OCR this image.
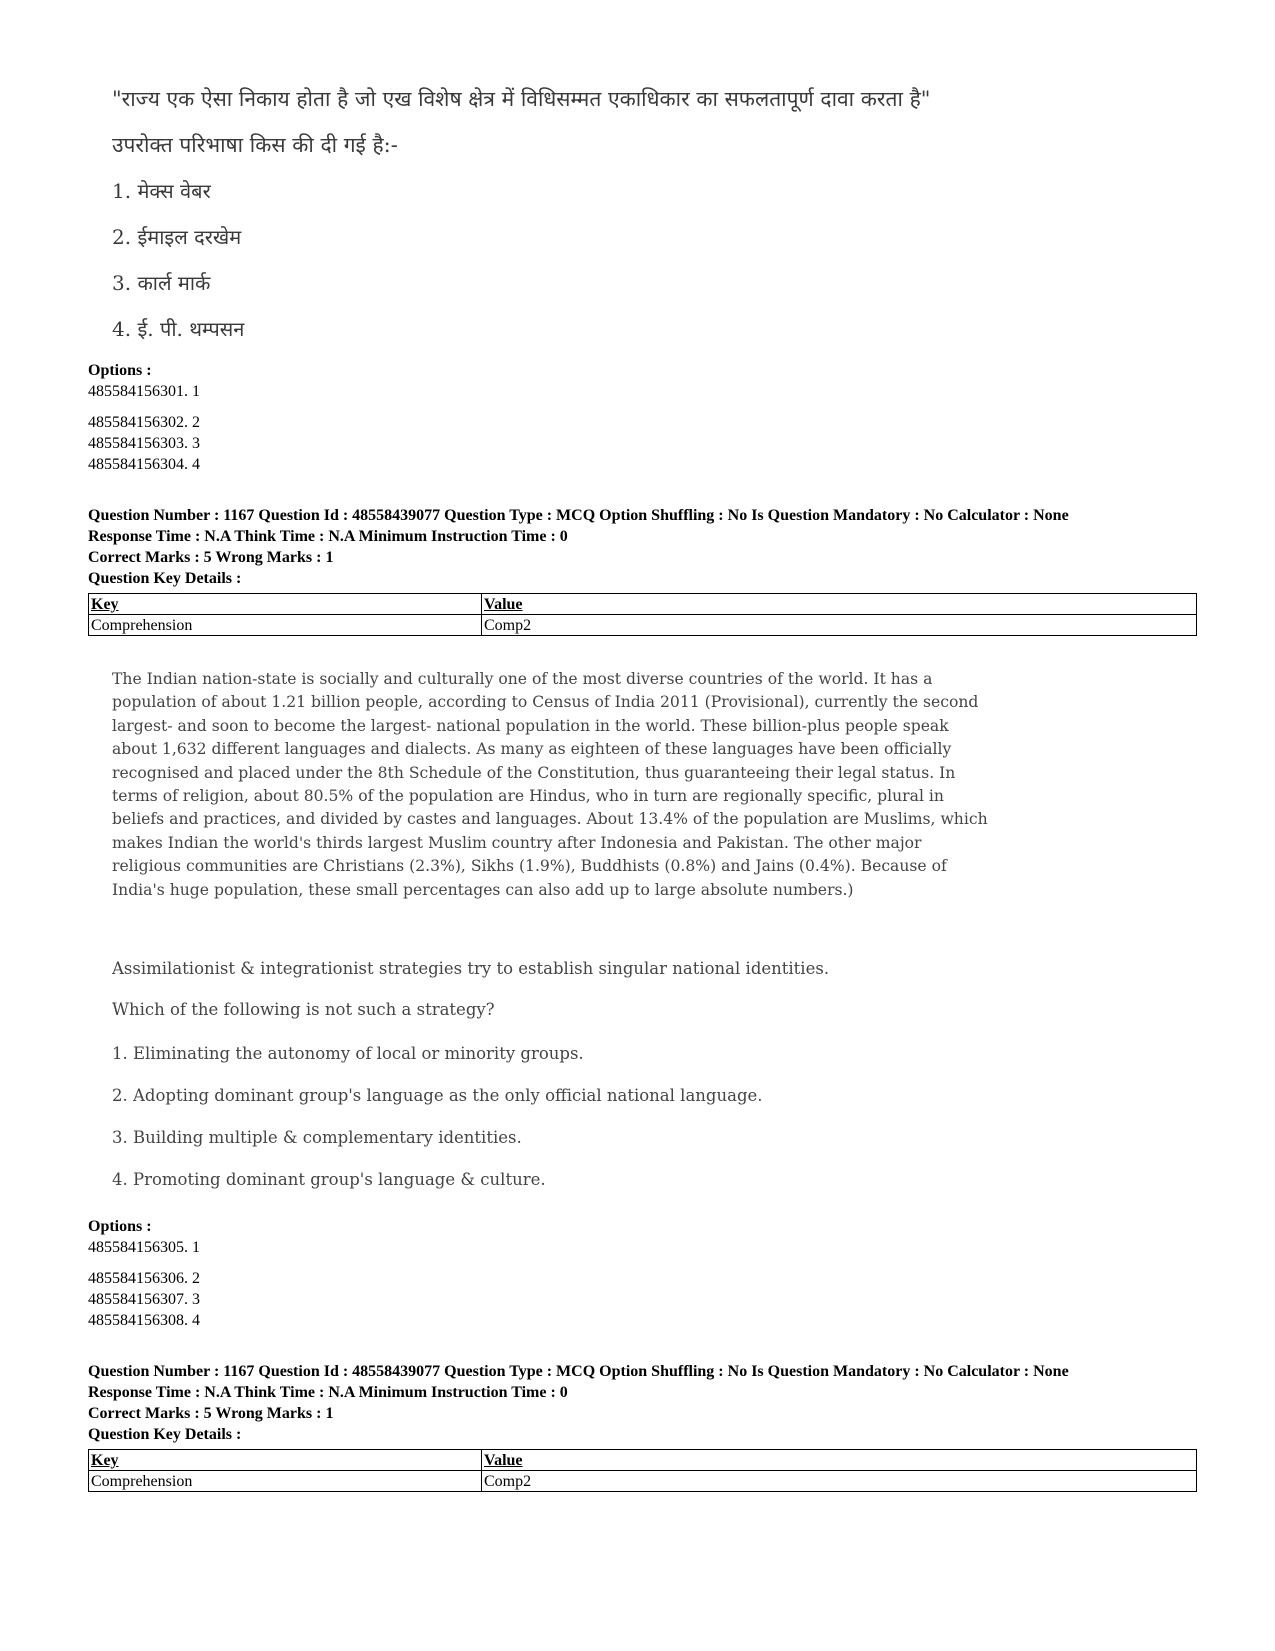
"राज्य एक ऐसा निकाय होता है जो एख विशेष क्षेत्र में विधिसम्मत एकाधिकार का सफलतापूर्ण दावा करता है"

उपरोक्त परिभाषा किस की दी गई है:-

1. मेक्स वेबर

2. ईमाइल दरखेम

3. कार्ल मार्क

4. ई. पी. थम्पसन

Options :
485584156301. 1
485584156302. 2
485584156303. 3
485584156304. 4
Question Number : 1167 Question Id : 48558439077 Question Type : MCQ Option Shuffling : No Is Question Mandatory : No Calculator : None
Response Time : N.A Think Time : N.A Minimum Instruction Time : 0
Correct Marks : 5 Wrong Marks : 1
Question Key Details :
Key	Value
Comprehension	Comp2

The Indian nation-state is socially and culturally one of the most diverse countries of the world. It has a population of about 1.21 billion people, according to Census of India 2011 (Provisional), currently the second largest- and soon to become the largest- national population in the world. These billion-plus people speak about 1,632 different languages and dialects. As many as eighteen of these languages have been officially recognised and placed under the 8th Schedule of the Constitution, thus guaranteeing their legal status. In terms of religion, about 80.5% of the population are Hindus, who in turn are regionally specific, plural in beliefs and practices, and divided by castes and languages. About 13.4% of the population are Muslims, which makes Indian the world's thirds largest Muslim country after Indonesia and Pakistan. The other major religious communities are Christians (2.3%), Sikhs (1.9%), Buddhists (0.8%) and Jains (0.4%). Because of India's huge population, these small percentages can also add up to large absolute numbers.)

Assimilationist & integrationist strategies try to establish singular national identities.

Which of the following is not such a strategy?

1. Eliminating the autonomy of local or minority groups.

2. Adopting dominant group's language as the only official national language.

3. Building multiple & complementary identities.

4. Promoting dominant group's language & culture.

Options :
485584156305. 1
485584156306. 2
485584156307. 3
485584156308. 4
Question Number : 1167 Question Id : 48558439077 Question Type : MCQ Option Shuffling : No Is Question Mandatory : No Calculator : None
Response Time : N.A Think Time : N.A Minimum Instruction Time : 0
Correct Marks : 5 Wrong Marks : 1
Question Key Details :
Key	Value
Comprehension	Comp2
